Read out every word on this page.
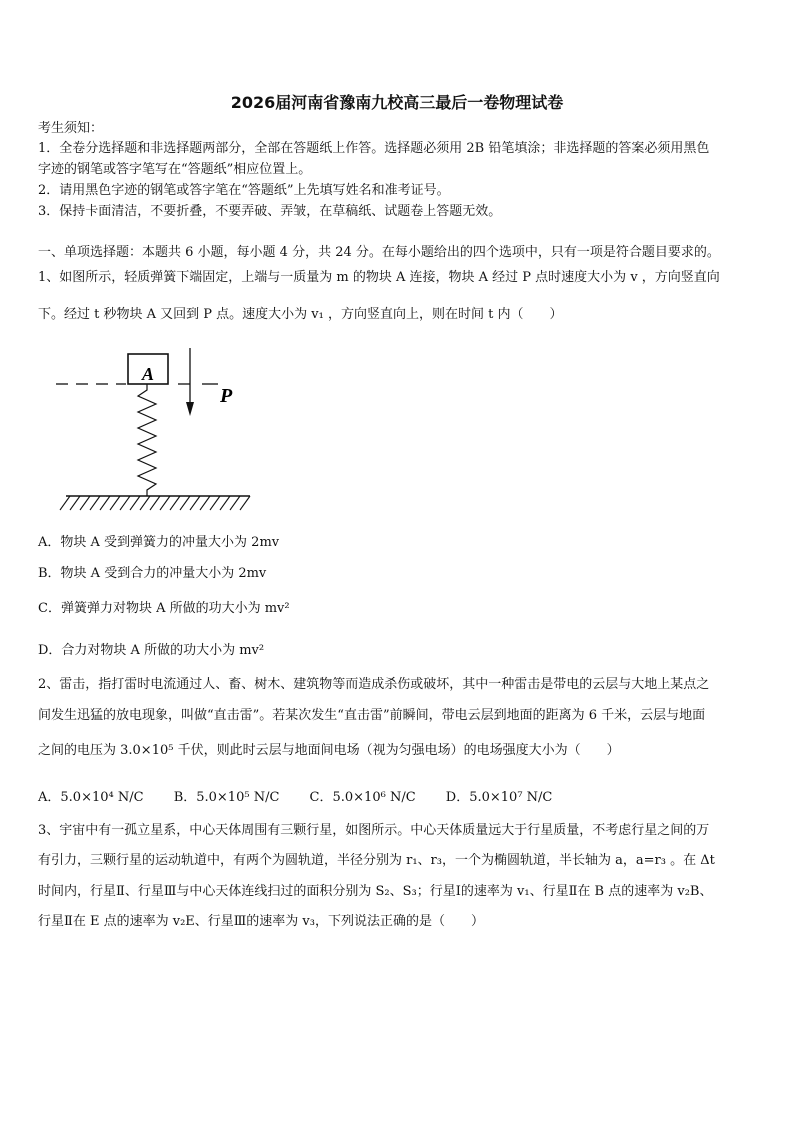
2026届河南省豫南九校高三最后一卷物理试卷
考生须知：
1．全卷分选择题和非选择题两部分，全部在答题纸上作答。选择题必须用 2B 铅笔填涂；非选择题的答案必须用黑色
字迹的钢笔或答字笔写在“答题纸”相应位置上。
2．请用黑色字迹的钢笔或答字笔在“答题纸”上先填写姓名和准考证号。
3．保持卡面清洁，不要折叠，不要弄破、弄皱，在草稿纸、试题卷上答题无效。
一、单项选择题：本题共 6 小题，每小题 4 分，共 24 分。在每小题给出的四个选项中，只有一项是符合题目要求的。
1、如图所示，轻质弹簧下端固定，上端与一质量为 m 的物块 A 连接，物块 A 经过 P 点时速度大小为 v ，方向竖直向
下。经过 t 秒物块 A 又回到 P 点。速度大小为 v₁ ，方向竖直向上，则在时间 t 内（　　）
A
P
A．物块 A 受到弹簧力的冲量大小为 2mv
B．物块 A 受到合力的冲量大小为 2mv
C．弹簧弹力对物块 A 所做的功大小为 mv²
D．合力对物块 A 所做的功大小为 mv²
2、雷击，指打雷时电流通过人、畜、树木、建筑物等而造成杀伤或破坏，其中一种雷击是带电的云层与大地上某点之
间发生迅猛的放电现象，叫做“直击雷”。若某次发生“直击雷”前瞬间，带电云层到地面的距离为 6 千米，云层与地面
之间的电压为 3.0×10⁵ 千伏，则此时云层与地面间电场（视为匀强电场）的电场强度大小为（　　）
A．5.0×10⁴ N/C B．5.0×10⁵ N/C C．5.0×10⁶ N/C D．5.0×10⁷ N/C
3、宇宙中有一孤立星系，中心天体周围有三颗行星，如图所示。中心天体质量远大于行星质量，不考虑行星之间的万
有引力，三颗行星的运动轨道中，有两个为圆轨道，半径分别为 r₁、r₃，一个为椭圆轨道，半长轴为 a，a=r₃ 。在 Δt
时间内，行星Ⅱ、行星Ⅲ与中心天体连线扫过的面积分别为 S₂、S₃；行星Ⅰ的速率为 v₁、行星Ⅱ在 B 点的速率为 v₂B、
行星Ⅱ在 E 点的速率为 v₂E、行星Ⅲ的速率为 v₃，下列说法正确的是（　　）
